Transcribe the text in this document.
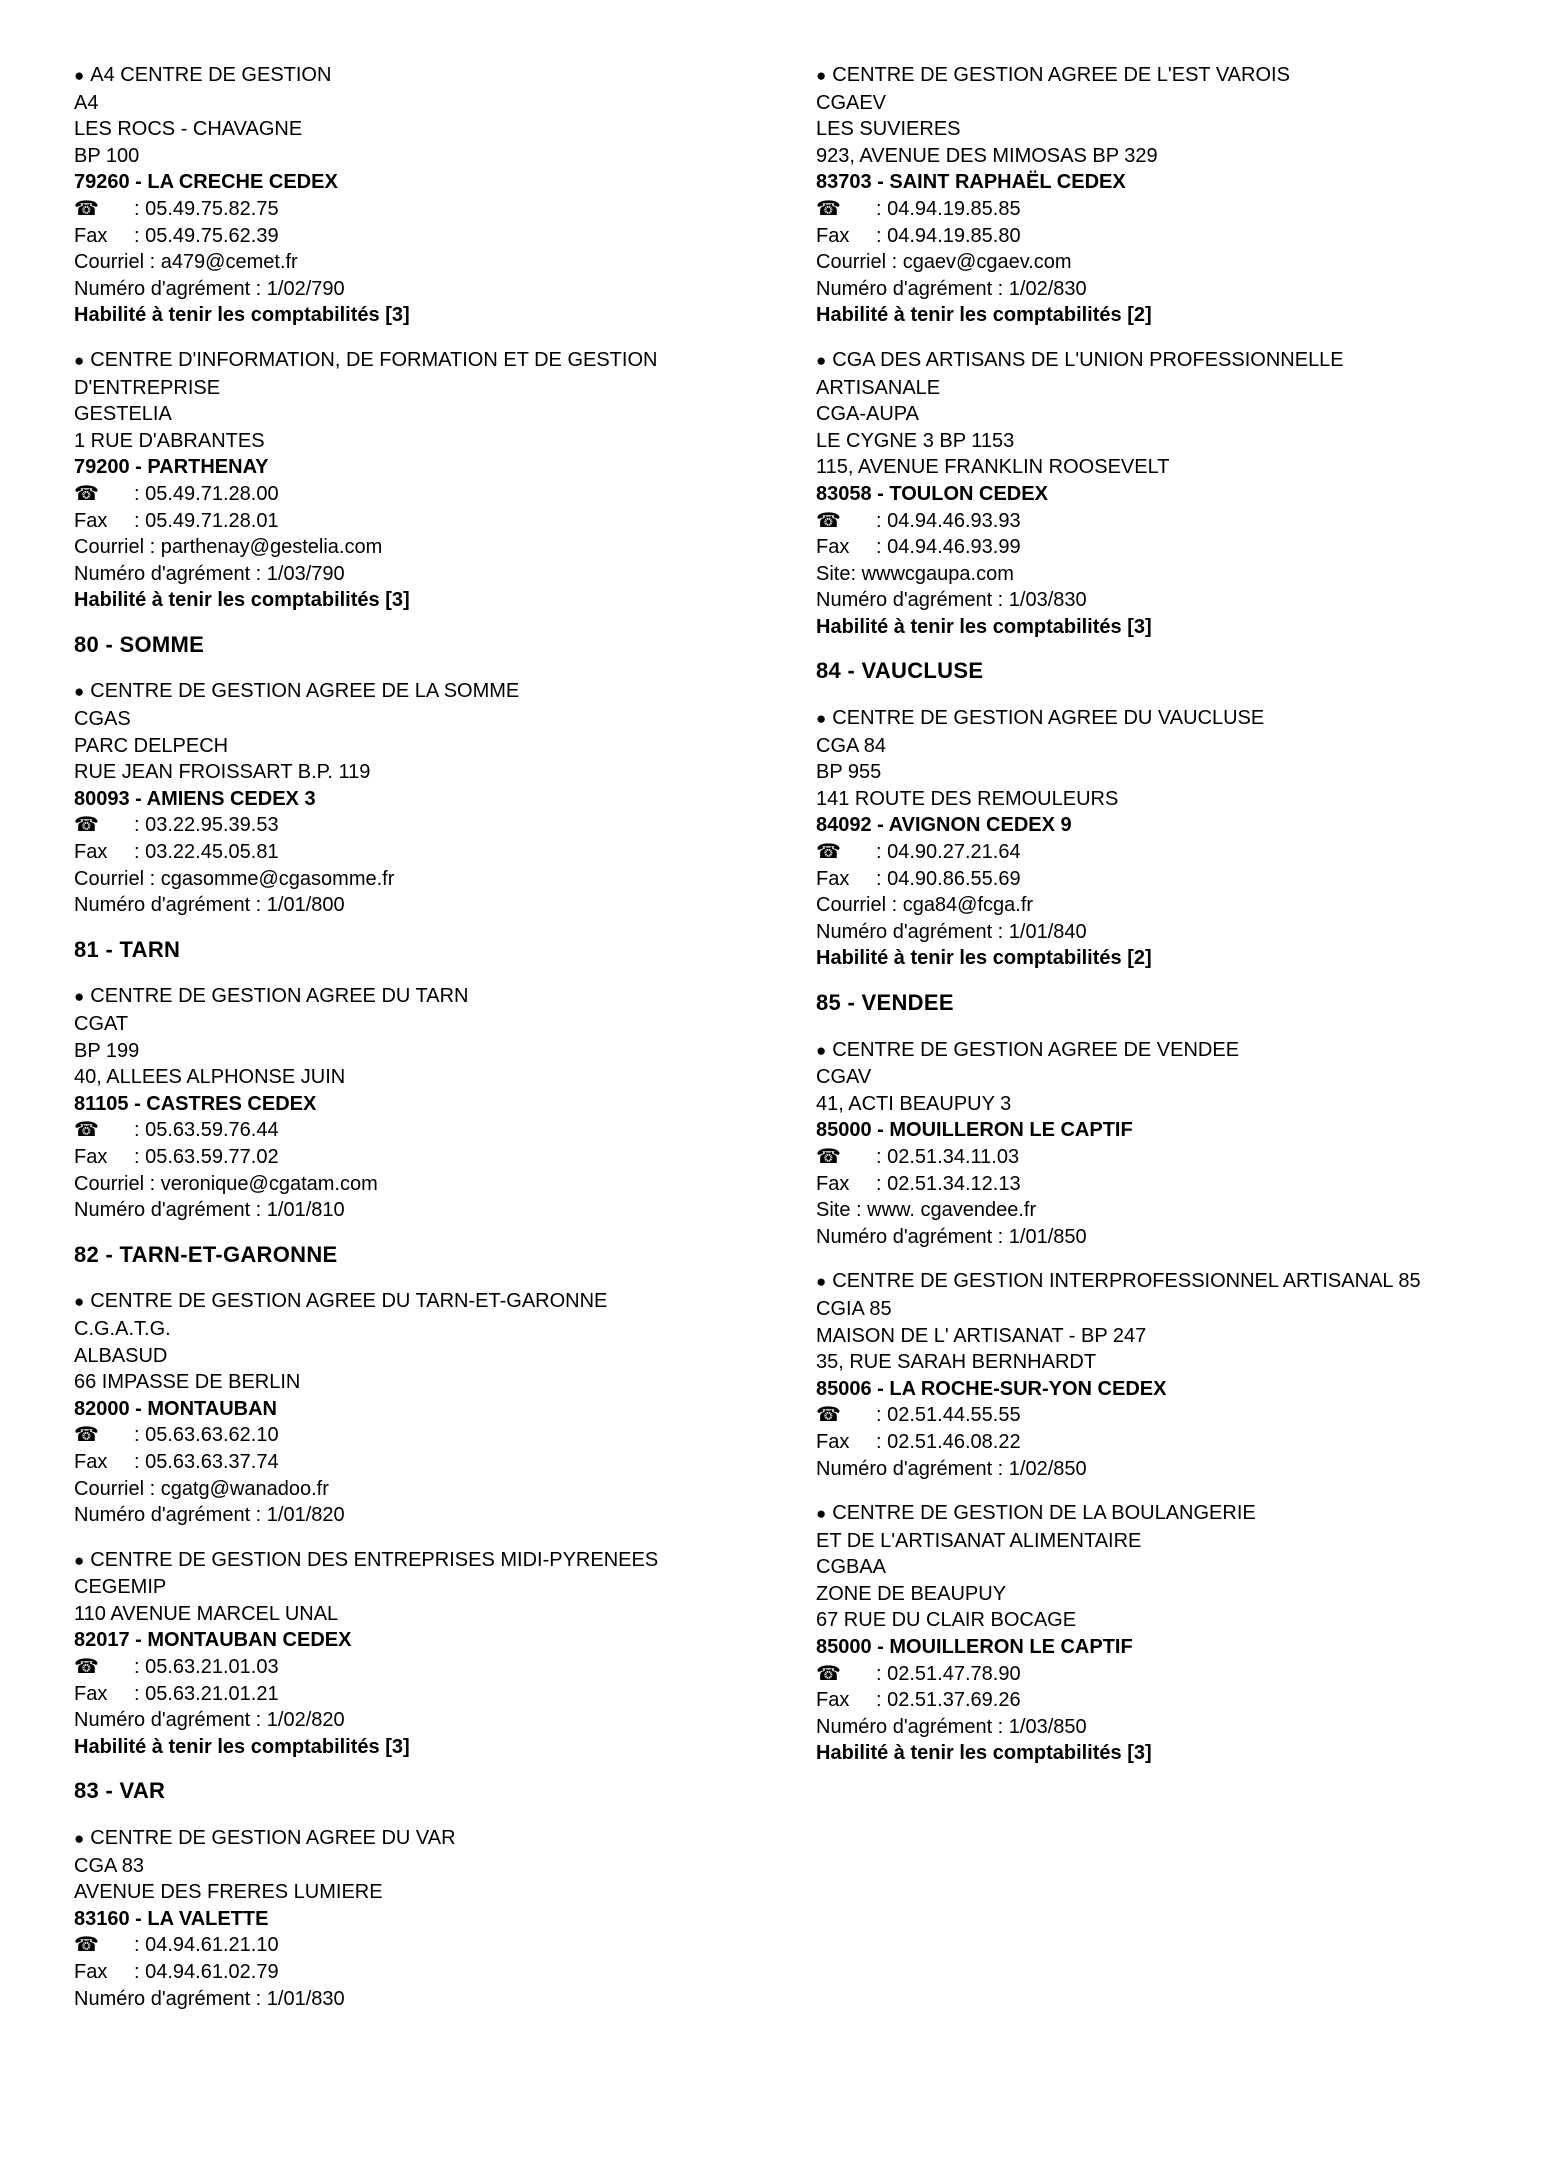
● A4 CENTRE DE GESTION
A4
LES ROCS - CHAVAGNE
BP 100
79260 - LA CRECHE CEDEX
☎ : 05.49.75.82.75
Fax : 05.49.75.62.39
Courriel : a479@cemet.fr
Numéro d'agrément : 1/02/790
Habilité à tenir les comptabilités [3]
● CENTRE D'INFORMATION, DE FORMATION ET DE GESTION
D'ENTREPRISE
GESTELIA
1 RUE D'ABRANTES
79200 - PARTHENAY
☎ : 05.49.71.28.00
Fax : 05.49.71.28.01
Courriel : parthenay@gestelia.com
Numéro d'agrément : 1/03/790
Habilité à tenir les comptabilités [3]
80 - SOMME
● CENTRE DE GESTION AGREE DE LA SOMME
CGAS
PARC DELPECH
RUE JEAN FROISSART B.P. 119
80093 - AMIENS CEDEX 3
☎ : 03.22.95.39.53
Fax : 03.22.45.05.81
Courriel : cgasomme@cgasomme.fr
Numéro d'agrément : 1/01/800
81 - TARN
● CENTRE DE GESTION AGREE DU TARN
CGAT
BP 199
40, ALLEES ALPHONSE JUIN
81105 - CASTRES CEDEX
☎ : 05.63.59.76.44
Fax : 05.63.59.77.02
Courriel : veronique@cgatam.com
Numéro d'agrément : 1/01/810
82 - TARN-ET-GARONNE
● CENTRE DE GESTION AGREE DU TARN-ET-GARONNE
C.G.A.T.G.
ALBASUD
66 IMPASSE DE BERLIN
82000 - MONTAUBAN
☎ : 05.63.63.62.10
Fax : 05.63.63.37.74
Courriel : cgatg@wanadoo.fr
Numéro d'agrément : 1/01/820
● CENTRE DE GESTION DES ENTREPRISES MIDI-PYRENEES
CEGEMIP
110 AVENUE MARCEL UNAL
82017 - MONTAUBAN CEDEX
☎ : 05.63.21.01.03
Fax : 05.63.21.01.21
Numéro d'agrément : 1/02/820
Habilité à tenir les comptabilités [3]
83 - VAR
● CENTRE DE GESTION AGREE DU VAR
CGA 83
AVENUE DES FRERES LUMIERE
83160 - LA VALETTE
☎ : 04.94.61.21.10
Fax : 04.94.61.02.79
Numéro d'agrément : 1/01/830
● CENTRE DE GESTION AGREE DE L'EST VAROIS
CGAEV
LES SUVIERES
923, AVENUE DES MIMOSAS BP 329
83703 - SAINT RAPHAËL CEDEX
☎ : 04.94.19.85.85
Fax : 04.94.19.85.80
Courriel : cgaev@cgaev.com
Numéro d'agrément : 1/02/830
Habilité à tenir les comptabilités [2]
● CGA DES ARTISANS DE L'UNION PROFESSIONNELLE
ARTISANALE
CGA-AUPA
LE CYGNE 3 BP 1153
115, AVENUE FRANKLIN ROOSEVELT
83058 - TOULON CEDEX
☎ : 04.94.46.93.93
Fax : 04.94.46.93.99
Site: wwwcgaupa.com
Numéro d'agrément : 1/03/830
Habilité à tenir les comptabilités [3]
84 - VAUCLUSE
● CENTRE DE GESTION AGREE DU VAUCLUSE
CGA 84
BP 955
141 ROUTE DES REMOULEURS
84092 - AVIGNON CEDEX 9
☎ : 04.90.27.21.64
Fax : 04.90.86.55.69
Courriel : cga84@fcga.fr
Numéro d'agrément : 1/01/840
Habilité à tenir les comptabilités [2]
85 - VENDEE
● CENTRE DE GESTION AGREE DE VENDEE
CGAV
41, ACTI BEAUPUY 3
85000 - MOUILLERON LE CAPTIF
☎ : 02.51.34.11.03
Fax : 02.51.34.12.13
Site : www. cgavendee.fr
Numéro d'agrément : 1/01/850
● CENTRE DE GESTION INTERPROFESSIONNEL ARTISANAL 85
CGIA 85
MAISON DE L' ARTISANAT - BP 247
35, RUE SARAH BERNHARDT
85006 - LA ROCHE-SUR-YON CEDEX
☎ : 02.51.44.55.55
Fax : 02.51.46.08.22
Numéro d'agrément : 1/02/850
● CENTRE DE GESTION DE LA BOULANGERIE
ET DE L'ARTISANAT ALIMENTAIRE
CGBAA
ZONE DE BEAUPUY
67 RUE DU CLAIR BOCAGE
85000 - MOUILLERON LE CAPTIF
☎ : 02.51.47.78.90
Fax : 02.51.37.69.26
Numéro d'agrément : 1/03/850
Habilité à tenir les comptabilités [3]
